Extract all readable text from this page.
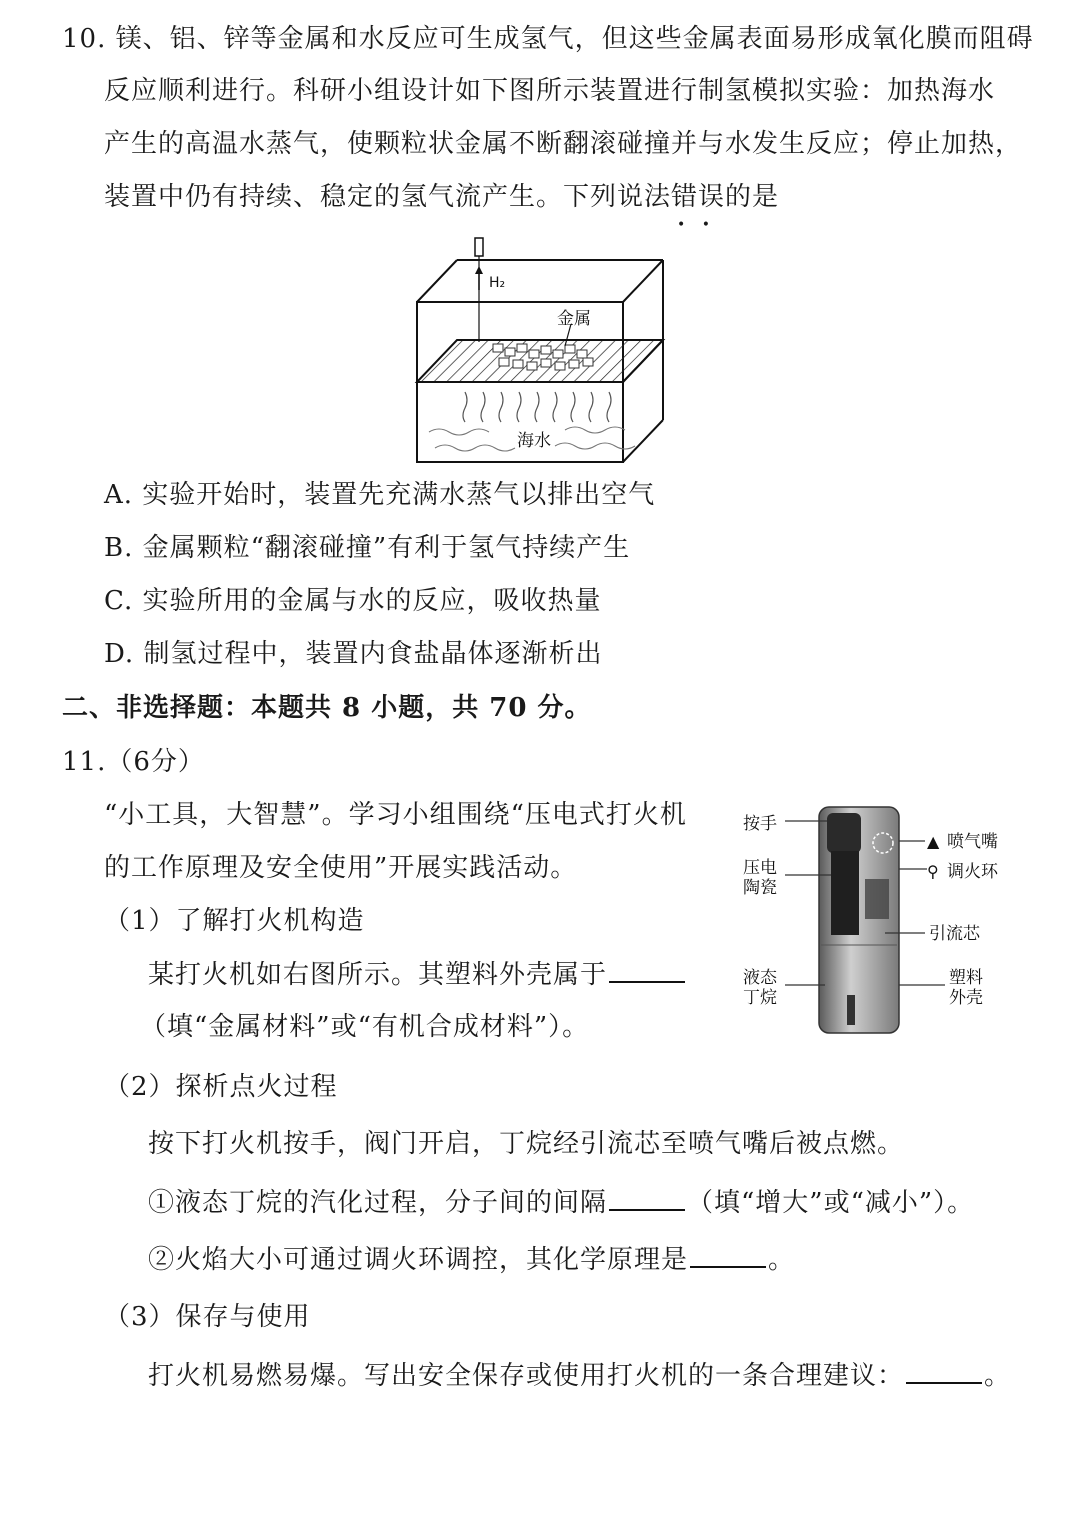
10. 镁、铝、锌等金属和水反应可生成氢气，但这些金属表面易形成氧化膜而阻碍
反应顺利进行。科研小组设计如下图所示装置进行制氢模拟实验：加热海水
产生的高温水蒸气，使颗粒状金属不断翻滚碰撞并与水发生反应；停止加热，
装置中仍有持续、稳定的氢气流产生。下列说法错误 • •的是
H₂
金属
海水
A. 实验开始时，装置先充满水蒸气以排出空气
B. 金属颗粒“翻滚碰撞”有利于氢气持续产生
C. 实验所用的金属与水的反应，吸收热量
D. 制氢过程中，装置内食盐晶体逐渐析出
二、非选择题：本题共 8 小题，共 70 分。
11.（6分）
“小工具，大智慧”。学习小组围绕“压电式打火机
的工作原理及安全使用”开展实践活动。
（1）了解打火机构造
某打火机如右图所示。其塑料外壳属于
（填“金属材料”或“有机合成材料”）。
按手
压电
陶瓷
▲ 喷气嘴
⚲ 调火环
引流芯
液态
丁烷
塑料
外壳
（2）探析点火过程
按下打火机按手，阀门开启，丁烷经引流芯至喷气嘴后被点燃。
①液态丁烷的汽化过程，分子间的间隔	（填“增大”或“减小”）。
②火焰大小可通过调火环调控，其化学原理是	。
（3）保存与使用
打火机易燃易爆。写出安全保存或使用打火机的一条合理建议：	。
